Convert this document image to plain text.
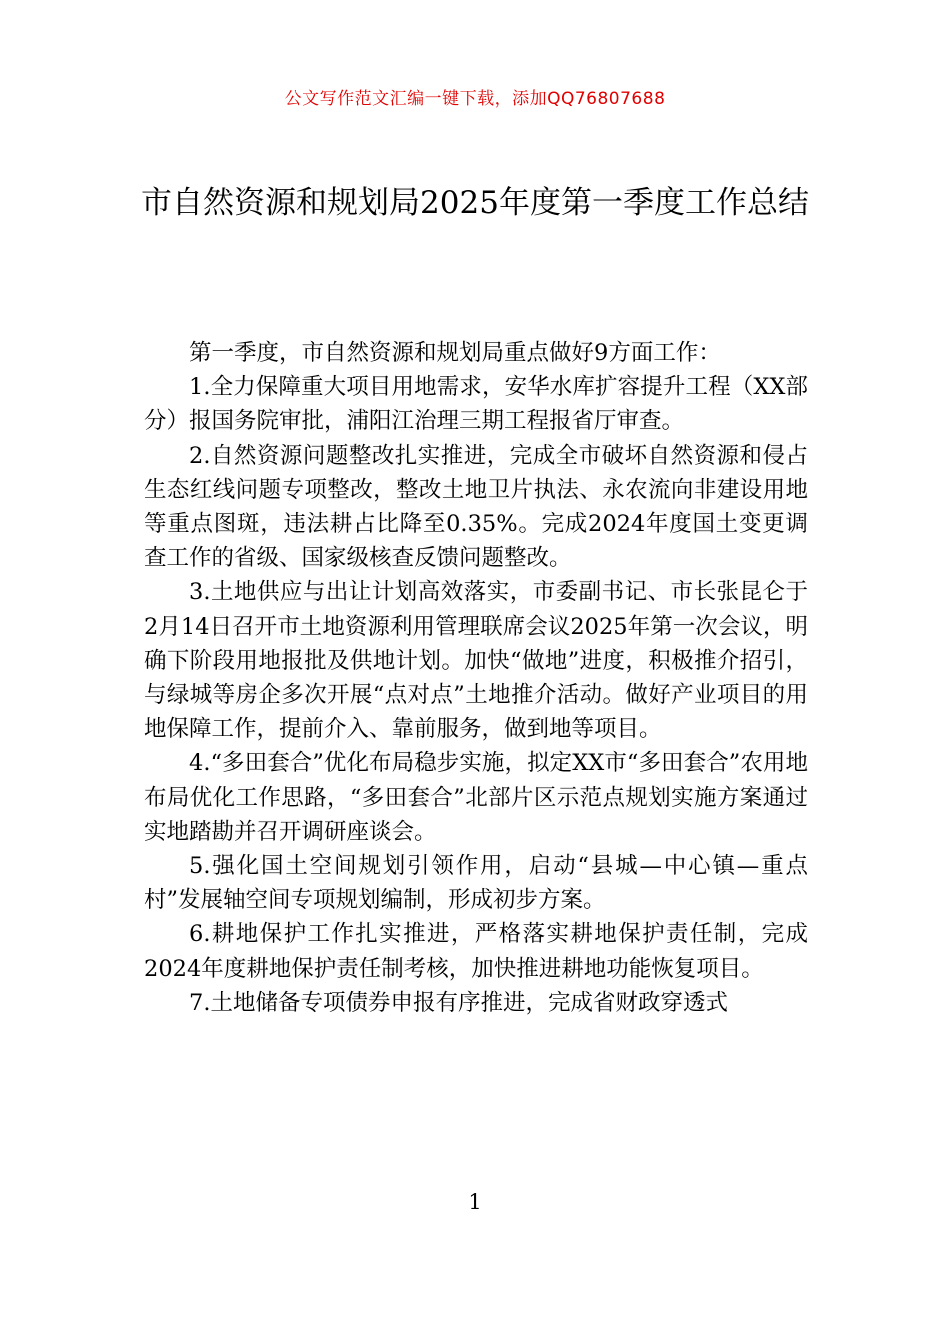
公文写作范文汇编一键下载，添加QQ76807688
市自然资源和规划局2025年度第一季度工作总结

第一季度，市自然资源和规划局重点做好9方面工作：

1.全力保障重大项目用地需求，安华水库扩容提升工程（XX部分）报国务院审批，浦阳江治理三期工程报省厅审查。

2.自然资源问题整改扎实推进，完成全市破坏自然资源和侵占生态红线问题专项整改，整改土地卫片执法、永农流向非建设用地等重点图斑，违法耕占比降至0.35%。完成2024年度国土变更调查工作的省级、国家级核查反馈问题整改。

3.土地供应与出让计划高效落实，市委副书记、市长张昆仑于2月14日召开市土地资源利用管理联席会议2025年第一次会议，明确下阶段用地报批及供地计划。加快“做地”进度，积极推介招引，与绿城等房企多次开展“点对点”土地推介活动。做好产业项目的用地保障工作，提前介入、靠前服务，做到地等项目。

4.“多田套合”优化布局稳步实施，拟定XX市“多田套合”农用地布局优化工作思路，“多田套合”北部片区示范点规划实施方案通过实地踏勘并召开调研座谈会。

5.强化国土空间规划引领作用，启动“县城—中心镇—重点村”发展轴空间专项规划编制，形成初步方案。

6.耕地保护工作扎实推进，严格落实耕地保护责任制，完成2024年度耕地保护责任制考核，加快推进耕地功能恢复项目。

7.土地储备专项债券申报有序推进，完成省财政穿透式

1
